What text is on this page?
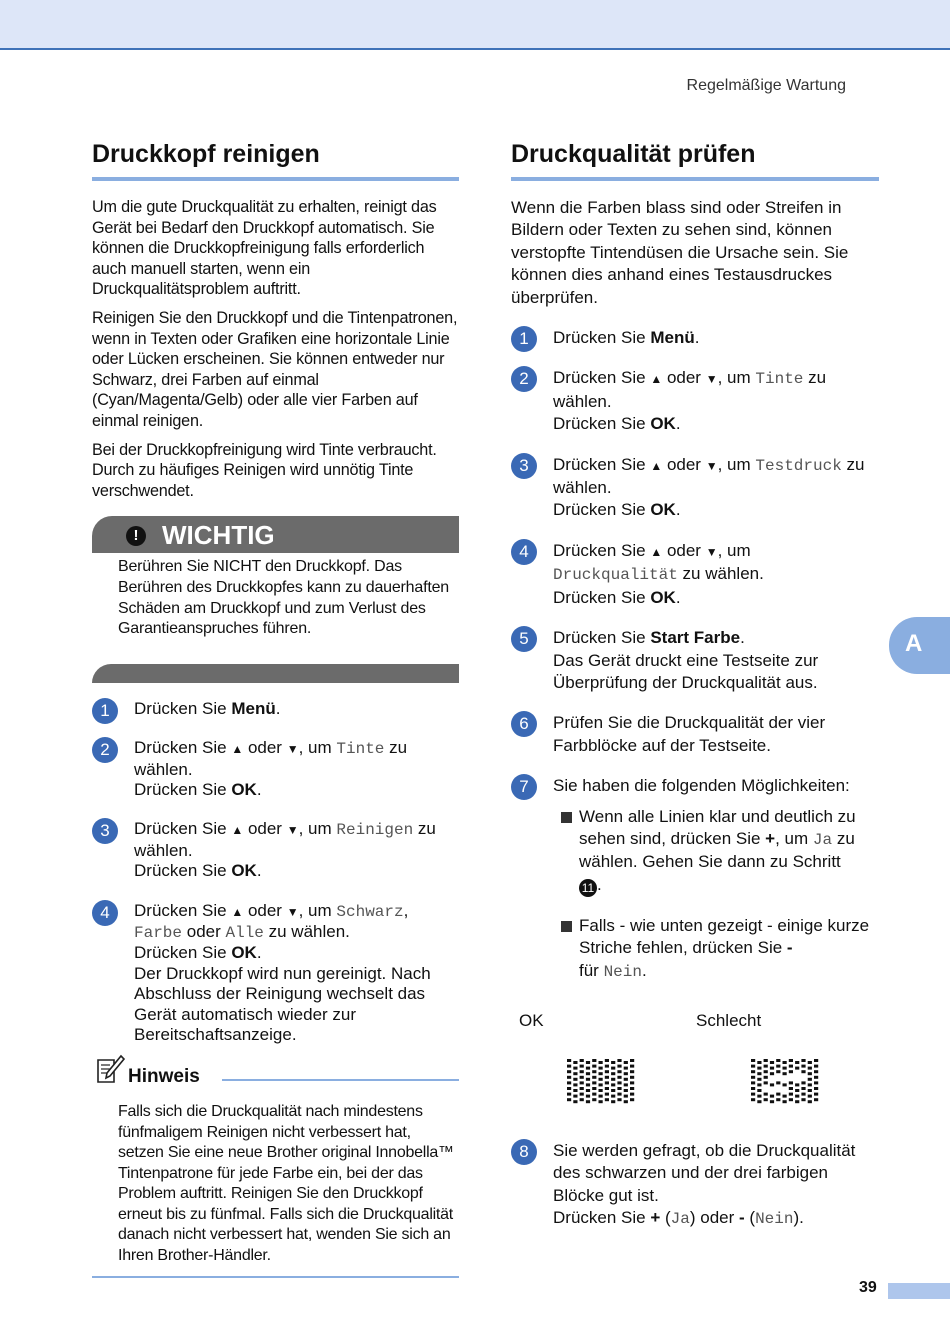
Regelmäßige Wartung
Druckkopf reinigen

Um die gute Druckqualität zu erhalten, reinigt das Gerät bei Bedarf den Druckkopf automatisch. Sie können die Druckkopfreinigung falls erforderlich auch manuell starten, wenn ein Druckqualitätsproblem auftritt.

Reinigen Sie den Druckkopf und die Tintenpatronen, wenn in Texten oder Grafiken eine horizontale Linie oder Lücken erscheinen. Sie können entweder nur Schwarz, drei Farben auf einmal (Cyan/Magenta/Gelb) oder alle vier Farben auf einmal reinigen.

Bei der Druckkopfreinigung wird Tinte verbraucht. Durch zu häufiges Reinigen wird unnötig Tinte verschwendet.

! WICHTIG
Berühren Sie NICHT den Druckkopf. Das Berühren des Druckkopfes kann zu dauerhaften Schäden am Druckkopf und zum Verlust des Garantieanspruches führen.
1	Drücken Sie Menü.
2	Drücken Sie ▲ oder ▼, um Tinte zu wählen.
Drücken Sie OK.
3	Drücken Sie ▲ oder ▼, um Reinigen zu wählen.
Drücken Sie OK.
4	Drücken Sie ▲ oder ▼, um Schwarz, Farbe oder Alle zu wählen.
Drücken Sie OK.
Der Druckkopf wird nun gereinigt. Nach Abschluss der Reinigung wechselt das Gerät automatisch wieder zur Bereitschaftsanzeige.
Hinweis
Falls sich die Druckqualität nach mindestens fünfmaligem Reinigen nicht verbessert hat, setzen Sie eine neue Brother original Innobella™ Tintenpatrone für jede Farbe ein, bei der das Problem auftritt. Reinigen Sie den Druckkopf erneut bis zu fünfmal. Falls sich die Druckqualität danach nicht verbessert hat, wenden Sie sich an Ihren Brother-Händler.
Druckqualität prüfen

Wenn die Farben blass sind oder Streifen in Bildern oder Texten zu sehen sind, können verstopfte Tintendüsen die Ursache sein. Sie können dies anhand eines Testausdruckes überprüfen.

1	Drücken Sie Menü.
2	Drücken Sie ▲ oder ▼, um Tinte zu wählen.
Drücken Sie OK.
3	Drücken Sie ▲ oder ▼, um Testdruck zu wählen.
Drücken Sie OK.
4	Drücken Sie ▲ oder ▼, um
Druckqualität zu wählen.
Drücken Sie OK.
5	Drücken Sie Start Farbe.
Das Gerät druckt eine Testseite zur Überprüfung der Druckqualität aus.
6	Prüfen Sie die Druckqualität der vier Farbblöcke auf der Testseite.
7	Sie haben die folgenden Möglichkeiten:
Wenn alle Linien klar und deutlich zu sehen sind, drücken Sie +, um Ja zu wählen. Gehen Sie dann zu Schritt
11 .
Falls - wie unten gezeigt - einige kurze Striche fehlen, drücken Sie -
für Nein.
OK	Schlecht
8	Sie werden gefragt, ob die Druckqualität des schwarzen und der drei farbigen Blöcke gut ist.
Drücken Sie + (Ja) oder - (Nein).
A
39
